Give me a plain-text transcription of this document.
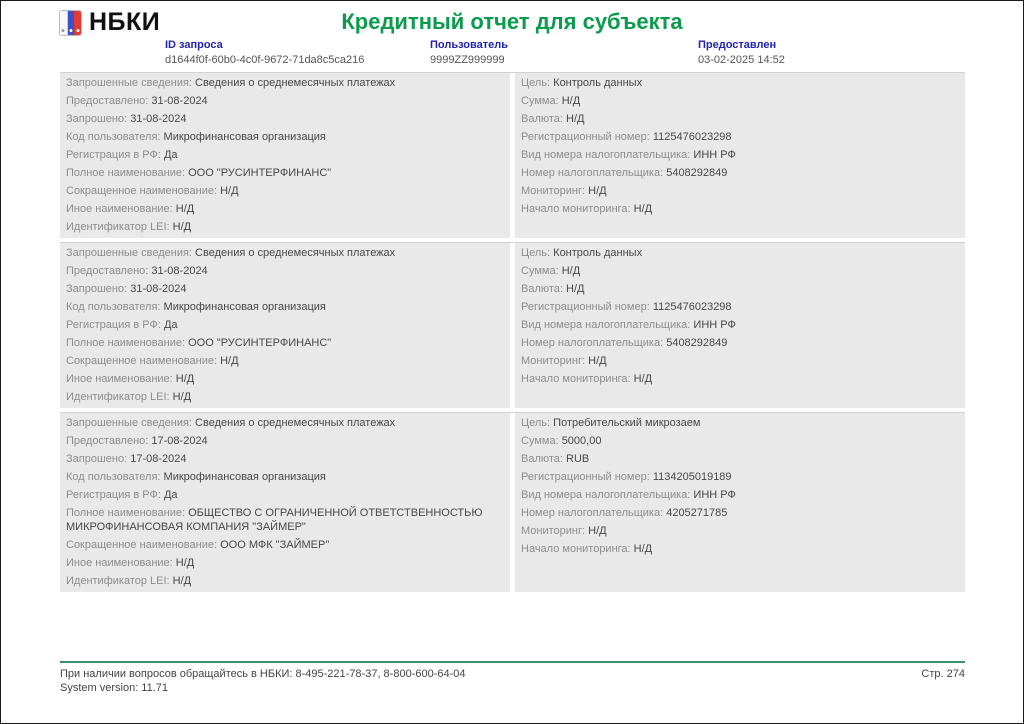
НБКИ	Кредитный отчет для субъекта
ID запроса
d1644f0f-60b0-4c0f-9672-71da8c5ca216
Пользователь
9999ZZ999999
Предоставлен
03-02-2025 14:52
Запрошенные сведения: Сведения о среднемесячных платежах
Предоставлено: 31-08-2024
Запрошено: 31-08-2024
Код пользователя: Микрофинансовая организация
Регистрация в РФ: Да
Полное наименование: ООО "РУСИНТЕРФИНАНС"
Сокращенное наименование: Н/Д
Иное наименование: Н/Д
Идентификатор LEI: Н/Д
Цель: Контроль данных
Сумма: Н/Д
Валюта: Н/Д
Регистрационный номер: 1125476023298
Вид номера налогоплательщика: ИНН РФ
Номер налогоплательщика: 5408292849
Мониторинг: Н/Д
Начало мониторинга: Н/Д
Запрошенные сведения: Сведения о среднемесячных платежах
Предоставлено: 31-08-2024
Запрошено: 31-08-2024
Код пользователя: Микрофинансовая организация
Регистрация в РФ: Да
Полное наименование: ООО "РУСИНТЕРФИНАНС"
Сокращенное наименование: Н/Д
Иное наименование: Н/Д
Идентификатор LEI: Н/Д
Цель: Контроль данных
Сумма: Н/Д
Валюта: Н/Д
Регистрационный номер: 1125476023298
Вид номера налогоплательщика: ИНН РФ
Номер налогоплательщика: 5408292849
Мониторинг: Н/Д
Начало мониторинга: Н/Д
Запрошенные сведения: Сведения о среднемесячных платежах
Предоставлено: 17-08-2024
Запрошено: 17-08-2024
Код пользователя: Микрофинансовая организация
Регистрация в РФ: Да
Полное наименование: ОБЩЕСТВО С ОГРАНИЧЕННОЙ ОТВЕТСТВЕННОСТЬЮ МИКРОФИНАНСОВАЯ КОМПАНИЯ "ЗАЙМЕР"
Сокращенное наименование: ООО МФК "ЗАЙМЕР"
Иное наименование: Н/Д
Идентификатор LEI: Н/Д
Цель: Потребительский микрозаем
Сумма: 5000,00
Валюта: RUB
Регистрационный номер: 1134205019189
Вид номера налогоплательщика: ИНН РФ
Номер налогоплательщика: 4205271785
Мониторинг: Н/Д
Начало мониторинга: Н/Д
При наличии вопросов обращайтесь в НБКИ: 8-495-221-78-37, 8-800-600-64-04	Стр. 274
System version: 11.71
